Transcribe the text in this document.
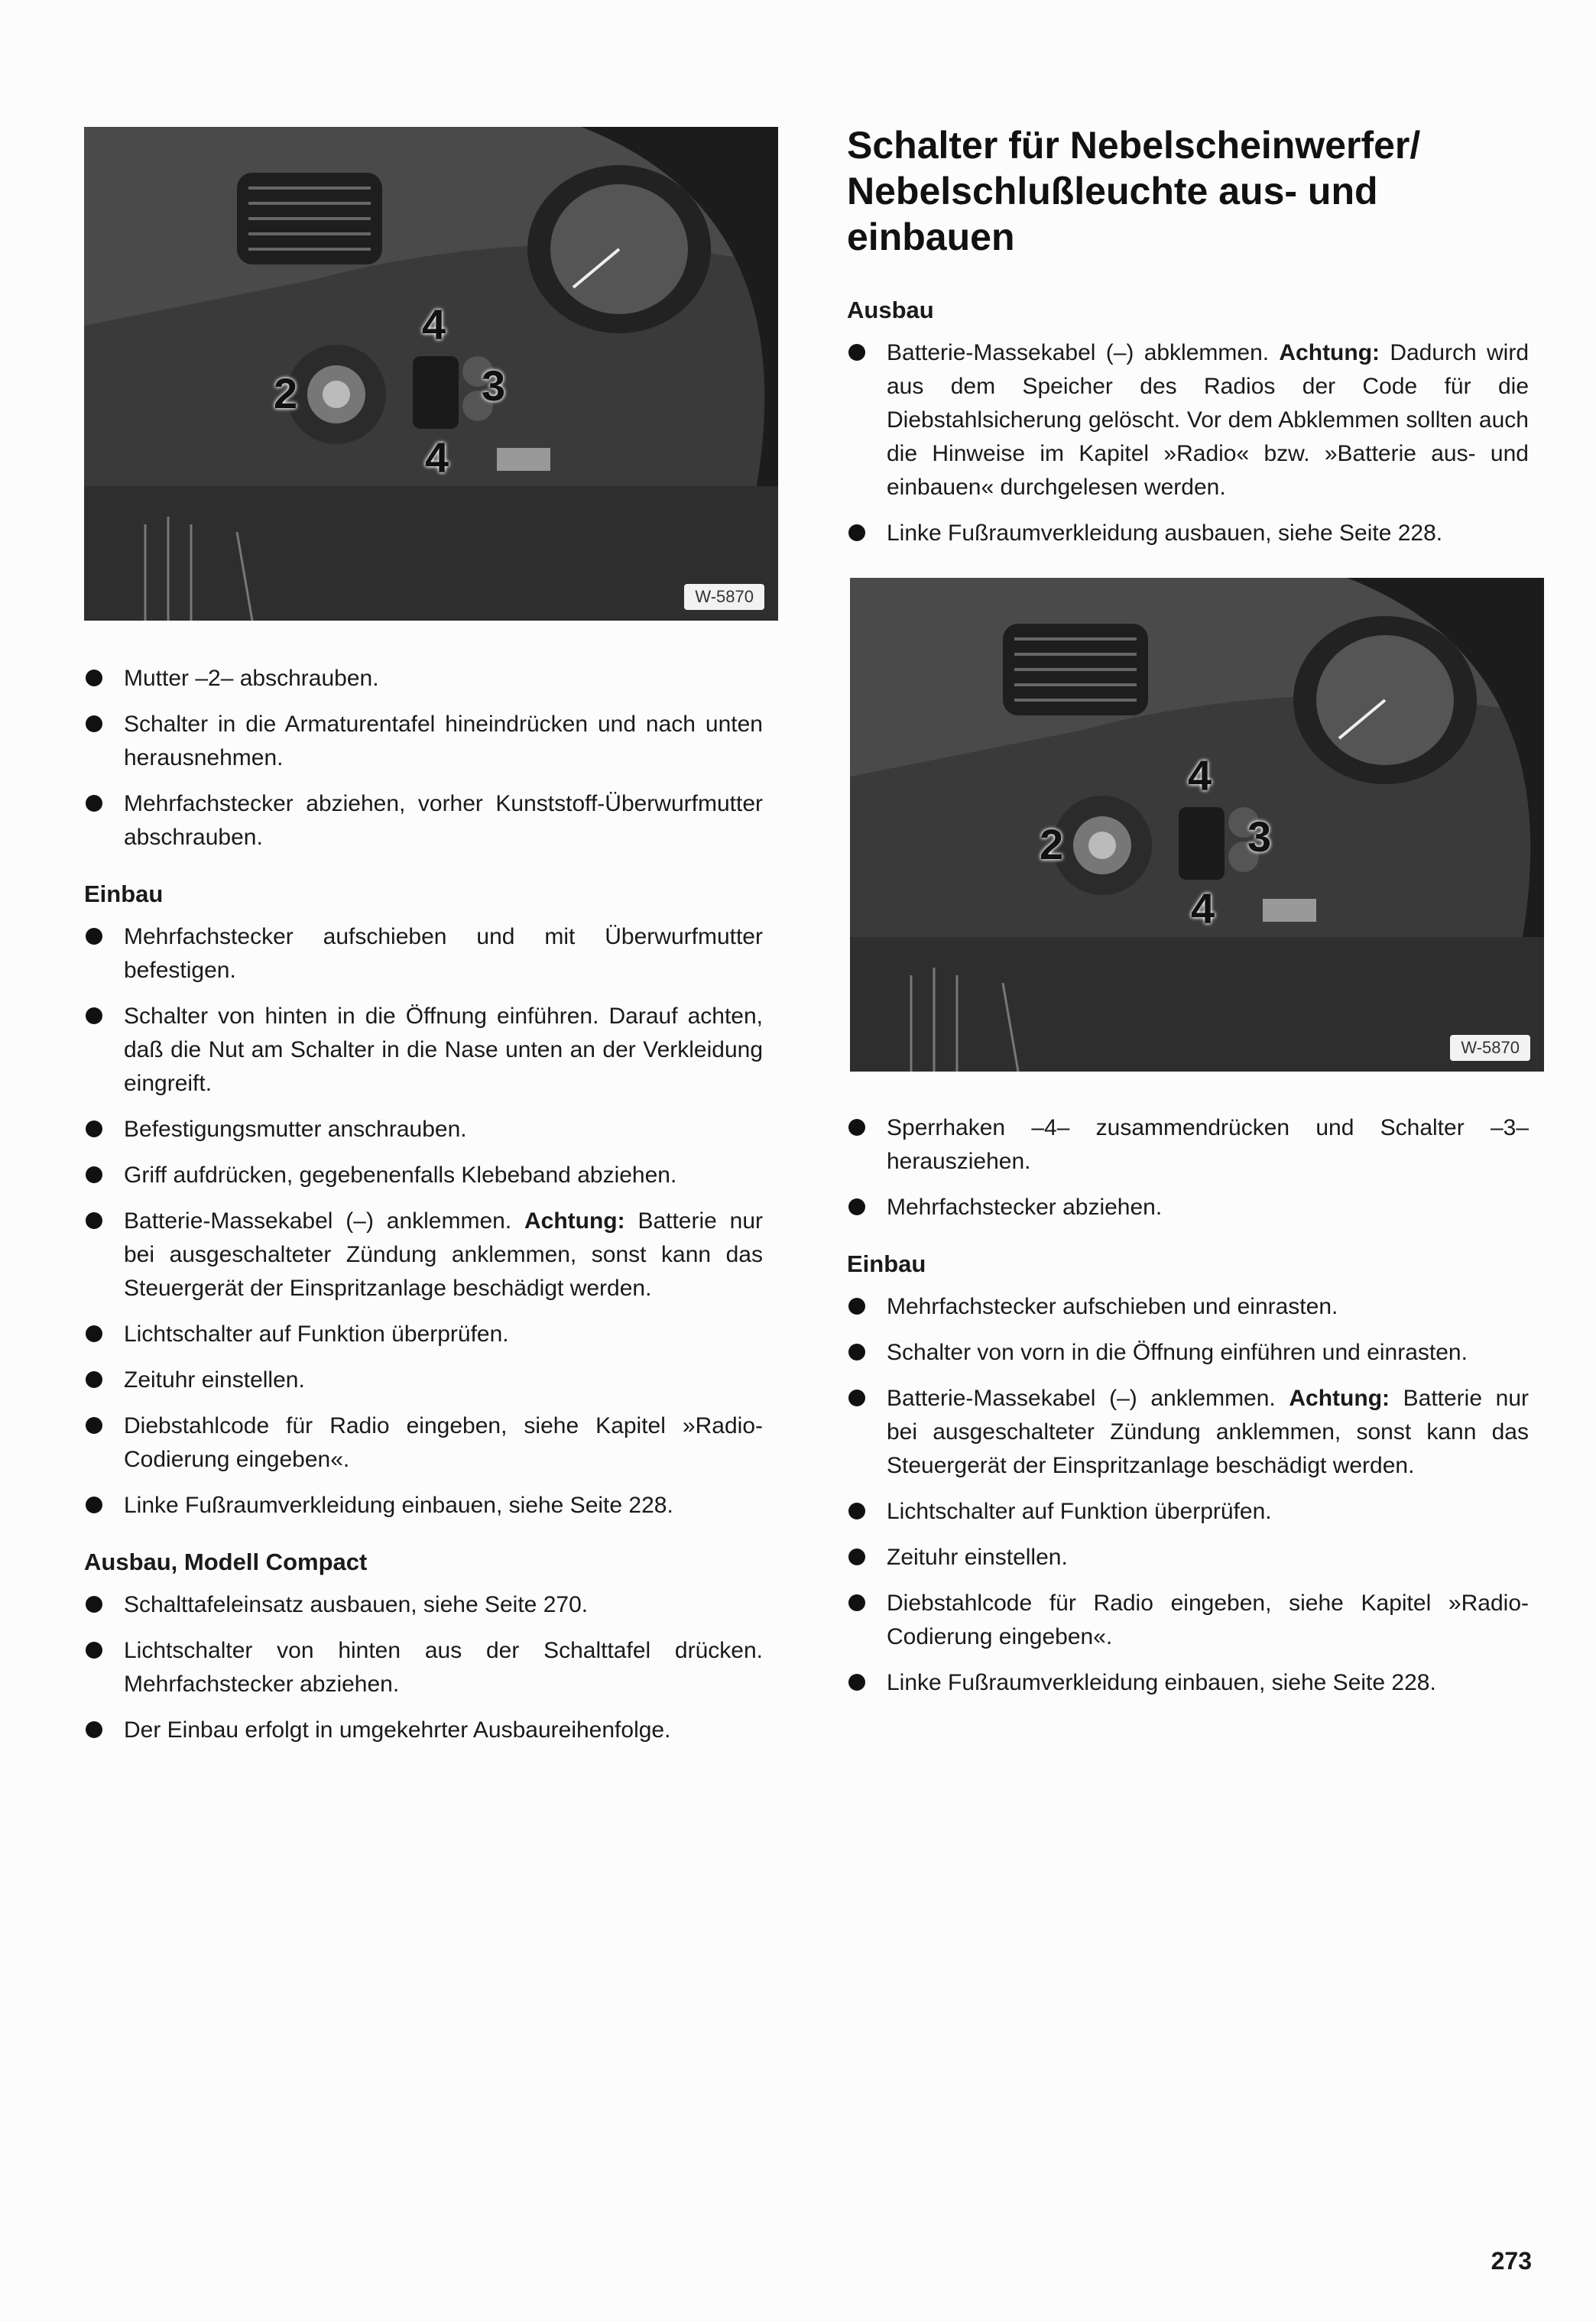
4
2	3
4
W-5870
4
2	3
4
W-5870
Mutter –2– abschrauben.
Schalter in die Armaturentafel hineindrücken und nach unten herausnehmen.
Mehrfachstecker abziehen, vorher Kunststoff-Überwurfmutter abschrauben.
Einbau
Mehrfachstecker aufschieben und mit Überwurfmutter befestigen.
Schalter von hinten in die Öffnung einführen. Darauf achten, daß die Nut am Schalter in die Nase unten an der Verkleidung eingreift.
Befestigungsmutter anschrauben.
Griff aufdrücken, gegebenenfalls Klebeband abziehen.
Batterie-Massekabel (–) anklemmen. Achtung: Batterie nur bei ausgeschalteter Zündung anklemmen, sonst kann das Steuergerät der Einspritzanlage beschädigt werden.
Lichtschalter auf Funktion überprüfen.
Zeituhr einstellen.
Diebstahlcode für Radio eingeben, siehe Kapitel »Radio-Codierung eingeben«.
Linke Fußraumverkleidung einbauen, siehe Seite 228.
Ausbau, Modell Compact
Schalttafeleinsatz ausbauen, siehe Seite 270.
Lichtschalter von hinten aus der Schalttafel drücken. Mehrfachstecker abziehen.
Der Einbau erfolgt in umgekehrter Ausbaureihenfolge.
Schalter für Nebelscheinwerfer/ Nebelschlußleuchte aus- und einbauen
Ausbau
Batterie-Massekabel (–) abklemmen. Achtung: Dadurch wird aus dem Speicher des Radios der Code für die Diebstahlsicherung gelöscht. Vor dem Abklemmen sollten auch die Hinweise im Kapitel »Radio« bzw. »Batterie aus- und einbauen« durchgelesen werden.
Linke Fußraumverkleidung ausbauen, siehe Seite 228.
Sperrhaken –4– zusammendrücken und Schalter –3– herausziehen.
Mehrfachstecker abziehen.
Einbau
Mehrfachstecker aufschieben und einrasten.
Schalter von vorn in die Öffnung einführen und einrasten.
Batterie-Massekabel (–) anklemmen. Achtung: Batterie nur bei ausgeschalteter Zündung anklemmen, sonst kann das Steuergerät der Einspritzanlage beschädigt werden.
Lichtschalter auf Funktion überprüfen.
Zeituhr einstellen.
Diebstahlcode für Radio eingeben, siehe Kapitel »Radio-Codierung eingeben«.
Linke Fußraumverkleidung einbauen, siehe Seite 228.
273
